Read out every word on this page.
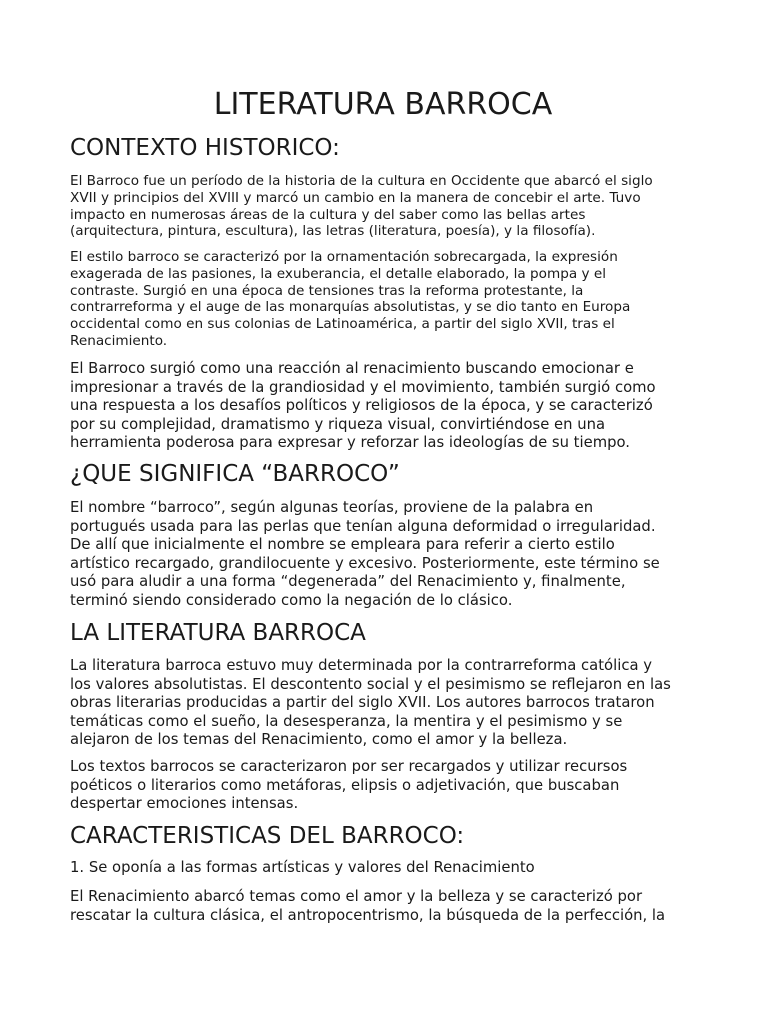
LITERATURA BARROCA
CONTEXTO HISTORICO:

El Barroco fue un período de la historia de la cultura en Occidente que abarcó el siglo
XVII y principios del XVIII y marcó un cambio en la manera de concebir el arte. Tuvo
impacto en numerosas áreas de la cultura y del saber como las bellas artes
(arquitectura, pintura, escultura), las letras (literatura, poesía), y la filosofía).

El estilo barroco se caracterizó por la ornamentación sobrecargada, la expresión
exagerada de las pasiones, la exuberancia, el detalle elaborado, la pompa y el
contraste. Surgió en una época de tensiones tras la reforma protestante, la
contrarreforma y el auge de las monarquías absolutistas, y se dio tanto en Europa
occidental como en sus colonias de Latinoamérica, a partir del siglo XVII, tras el
Renacimiento.

El Barroco surgió como una reacción al renacimiento buscando emocionar e
impresionar a través de la grandiosidad y el movimiento, también surgió como
una respuesta a los desafíos políticos y religiosos de la época, y se caracterizó
por su complejidad, dramatismo y riqueza visual, convirtiéndose en una
herramienta poderosa para expresar y reforzar las ideologías de su tiempo.

¿QUE SIGNIFICA “BARROCO”

El nombre “barroco”, según algunas teorías, proviene de la palabra en
portugués usada para las perlas que tenían alguna deformidad o irregularidad.
De allí que inicialmente el nombre se empleara para referir a cierto estilo
artístico recargado, grandilocuente y excesivo. Posteriormente, este término se
usó para aludir a una forma “degenerada” del Renacimiento y, finalmente,
terminó siendo considerado como la negación de lo clásico.

LA LITERATURA BARROCA

La literatura barroca estuvo muy determinada por la contrarreforma católica y
los valores absolutistas. El descontento social y el pesimismo se reflejaron en las
obras literarias producidas a partir del siglo XVII. Los autores barrocos trataron
temáticas como el sueño, la desesperanza, la mentira y el pesimismo y se
alejaron de los temas del Renacimiento, como el amor y la belleza.

Los textos barrocos se caracterizaron por ser recargados y utilizar recursos
poéticos o literarios como metáforas, elipsis o adjetivación, que buscaban
despertar emociones intensas.

CARACTERISTICAS DEL BARROCO:

1. Se oponía a las formas artísticas y valores del Renacimiento

El Renacimiento abarcó temas como el amor y la belleza y se caracterizó por
rescatar la cultura clásica, el antropocentrismo, la búsqueda de la perfección, la
